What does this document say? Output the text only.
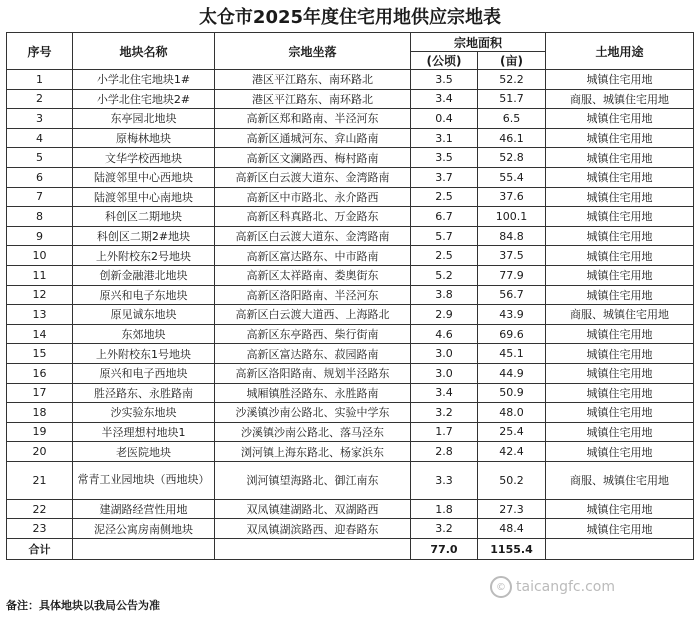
太仓市2025年度住宅用地供应宗地表
序号	地块名称	宗地坐落	宗地面积		土地用途
			(公顷)	(亩)	
1	小学北住宅地块1#	港区平江路东、南环路北	3.5	52.2	城镇住宅用地
2	小学北住宅地块2#	港区平江路东、南环路北	3.4	51.7	商服、城镇住宅用地
3	东亭园北地块	高新区郑和路南、半泾河东	0.4	6.5	城镇住宅用地
4	原梅林地块	高新区通城河东、弇山路南	3.1	46.1	城镇住宅用地
5	文华学校西地块	高新区文澜路西、梅村路南	3.5	52.8	城镇住宅用地
6	陆渡邻里中心西地块	高新区白云渡大道东、金湾路南	3.7	55.4	城镇住宅用地
7	陆渡邻里中心南地块	高新区中市路北、永介路西	2.5	37.6	城镇住宅用地
8	科创区二期地块	高新区科真路北、万金路东	6.7	100.1	城镇住宅用地
9	科创区二期2#地块	高新区白云渡大道东、金湾路南	5.7	84.8	城镇住宅用地
10	上外附校东2号地块	高新区富达路东、中市路南	2.5	37.5	城镇住宅用地
11	创新金融港北地块	高新区太祥路南、娄奥街东	5.2	77.9	城镇住宅用地
12	原兴和电子东地块	高新区洛阳路南、半泾河东	3.8	56.7	城镇住宅用地
13	原见诚东地块	高新区白云渡大道西、上海路北	2.9	43.9	商服、城镇住宅用地
14	东郊地块	高新区东亭路西、柴行街南	4.6	69.6	城镇住宅用地
15	上外附校东1号地块	高新区富达路东、菽园路南	3.0	45.1	城镇住宅用地
16	原兴和电子西地块	高新区洛阳路南、规划半泾路东	3.0	44.9	城镇住宅用地
17	胜泾路东、永胜路南	城厢镇胜泾路东、永胜路南	3.4	50.9	城镇住宅用地
18	沙实验东地块	沙溪镇沙南公路北、实验中学东	3.2	48.0	城镇住宅用地
19	半泾理想村地块1	沙溪镇沙南公路北、落马泾东	1.7	25.4	城镇住宅用地
20	老医院地块	浏河镇上海东路北、杨家浜东	2.8	42.4	城镇住宅用地
21	常青工业园地块（西地块）	浏河镇望海路北、御江南东	3.3	50.2	商服、城镇住宅用地
22	建湖路经营性用地	双凤镇建湖路北、双湖路西	1.8	27.3	城镇住宅用地
23	泥泾公寓房南侧地块	双凤镇湖滨路西、迎春路东	3.2	48.4	城镇住宅用地
合计			77.0	1155.4	
备注：具体地块以我局公告为准
© taicangfc.com
